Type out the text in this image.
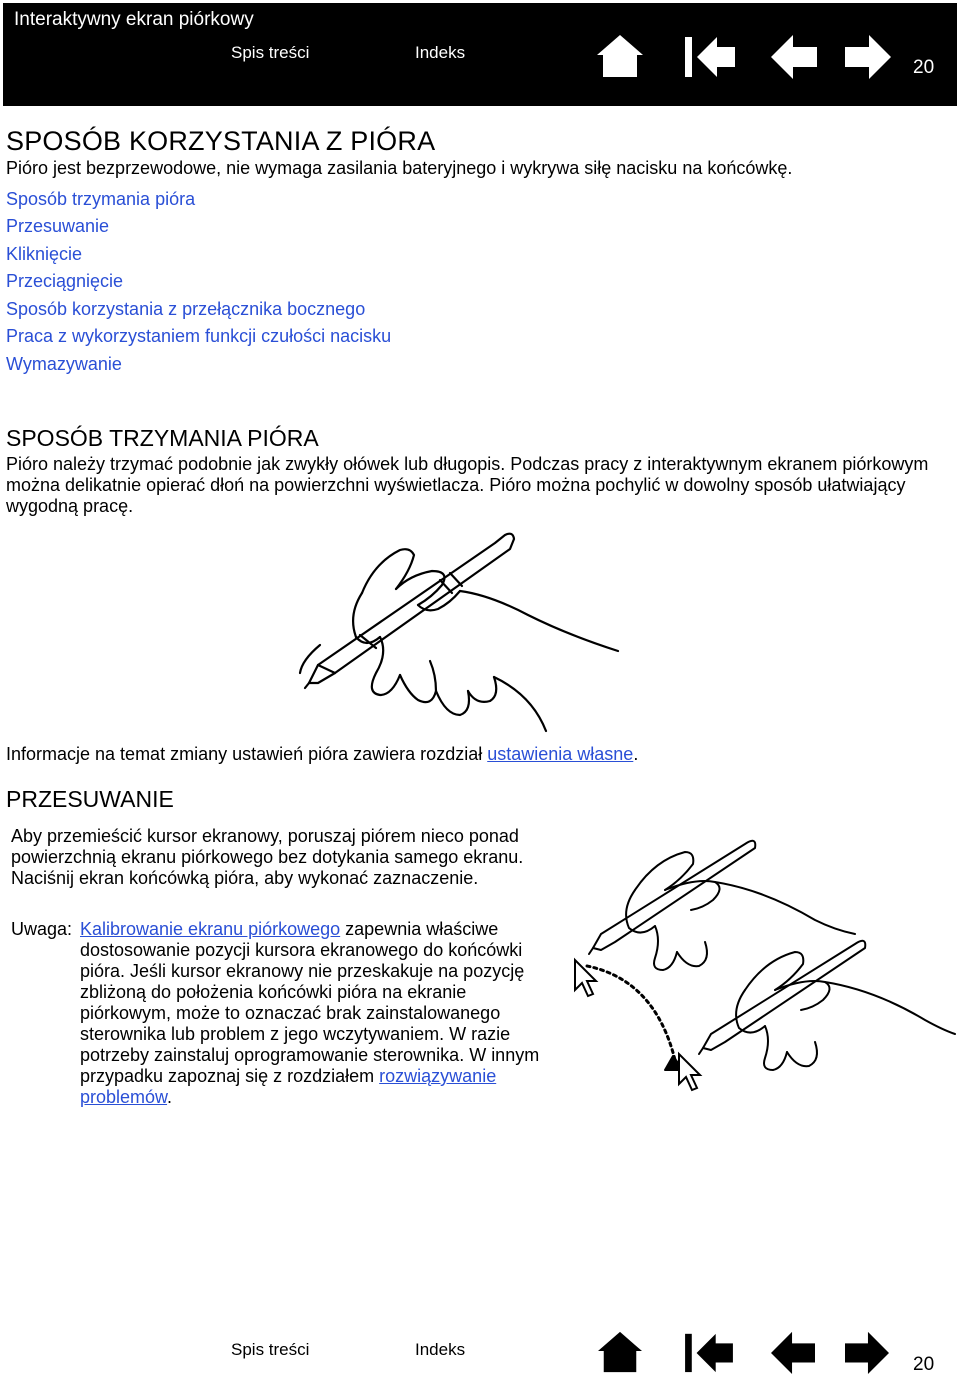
Interaktywny ekran piórkowy
Spis treści	Indeks
20
SPOSÓB KORZYSTANIA Z PIÓRA

Pióro jest bezprzewodowe, nie wymaga zasilania bateryjnego i wykrywa siłę nacisku na końcówkę.

Sposób trzymania pióra
Przesuwanie
Kliknięcie
Przeciągnięcie
Sposób korzystania z przełącznika bocznego
Praca z wykorzystaniem funkcji czułości nacisku
Wymazywanie
SPOSÓB TRZYMANIA PIÓRA

Pióro należy trzymać podobnie jak zwykły ołówek lub długopis. Podczas pracy z interaktywnym ekranem piórkowym można delikatnie opierać dłoń na powierzchni wyświetlacza. Pióro można pochylić w dowolny sposób ułatwiający wygodną pracę.

Informacje na temat zmiany ustawień pióra zawiera rozdział ustawienia własne.

PRZESUWANIE

Aby przemieścić kursor ekranowy, poruszaj piórem nieco ponad powierzchnią ekranu piórkowego bez dotykania samego ekranu. Naciśnij ekran końcówką pióra, aby wykonać zaznaczenie.

Uwaga: Kalibrowanie ekranu piórkowego zapewnia właściwe dostosowanie pozycji kursora ekranowego do końcówki pióra. Jeśli kursor ekranowy nie przeskakuje na pozycję zbliżoną do położenia końcówki pióra na ekranie piórkowym, może to oznaczać brak zainstalowanego sterownika lub problem z jego wczytywaniem. W razie potrzeby zainstaluj oprogramowanie sterownika. W innym przypadku zapoznaj się z rozdziałem rozwiązywanie problemów.

Spis treści	Indeks
20
